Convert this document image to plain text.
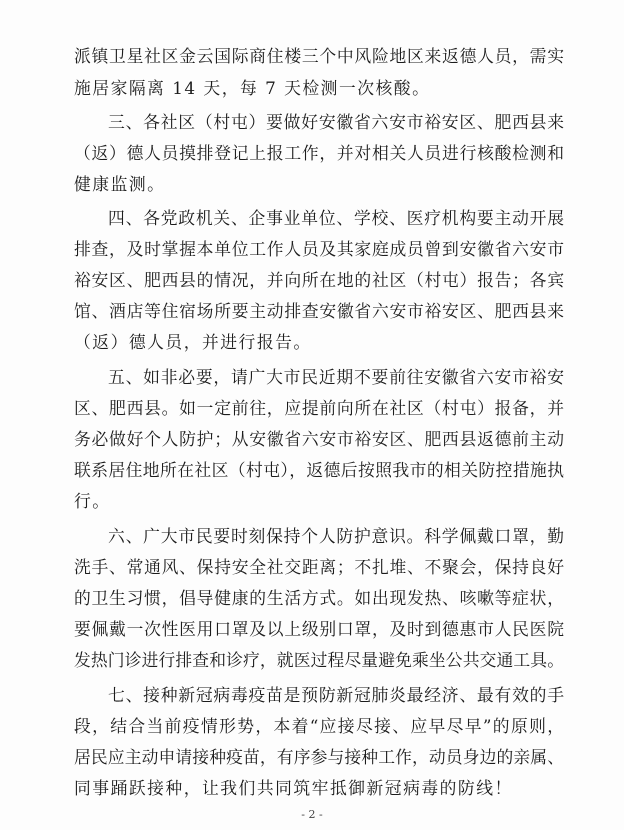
派镇卫星社区金云国际商住楼三个中风险地区来返德人员，需实
施居家隔离 14 天，每 7 天检测一次核酸。
三、各社区（村屯）要做好安徽省六安市裕安区、肥西县来
（返）德人员摸排登记上报工作，并对相关人员进行核酸检测和
健康监测。
四、各党政机关、企事业单位、学校、医疗机构要主动开展
排查，及时掌握本单位工作人员及其家庭成员曾到安徽省六安市
裕安区、肥西县的情况，并向所在地的社区（村屯）报告；各宾
馆、酒店等住宿场所要主动排查安徽省六安市裕安区、肥西县来
（返）德人员，并进行报告。
五、如非必要，请广大市民近期不要前往安徽省六安市裕安
区、肥西县。如一定前往，应提前向所在社区（村屯）报备，并
务必做好个人防护；从安徽省六安市裕安区、肥西县返德前主动
联系居住地所在社区（村屯），返德后按照我市的相关防控措施执
行。
六、广大市民要时刻保持个人防护意识。科学佩戴口罩，勤
洗手、常通风、保持安全社交距离；不扎堆、不聚会，保持良好
的卫生习惯，倡导健康的生活方式。如出现发热、咳嗽等症状，
要佩戴一次性医用口罩及以上级别口罩，及时到德惠市人民医院
发热门诊进行排查和诊疗，就医过程尽量避免乘坐公共交通工具。
七、接种新冠病毒疫苗是预防新冠肺炎最经济、最有效的手
段，结合当前疫情形势，本着“应接尽接、应早尽早”的原则，
居民应主动申请接种疫苗，有序参与接种工作，动员身边的亲属、
同事踊跃接种，让我们共同筑牢抵御新冠病毒的防线！
- 2 -
